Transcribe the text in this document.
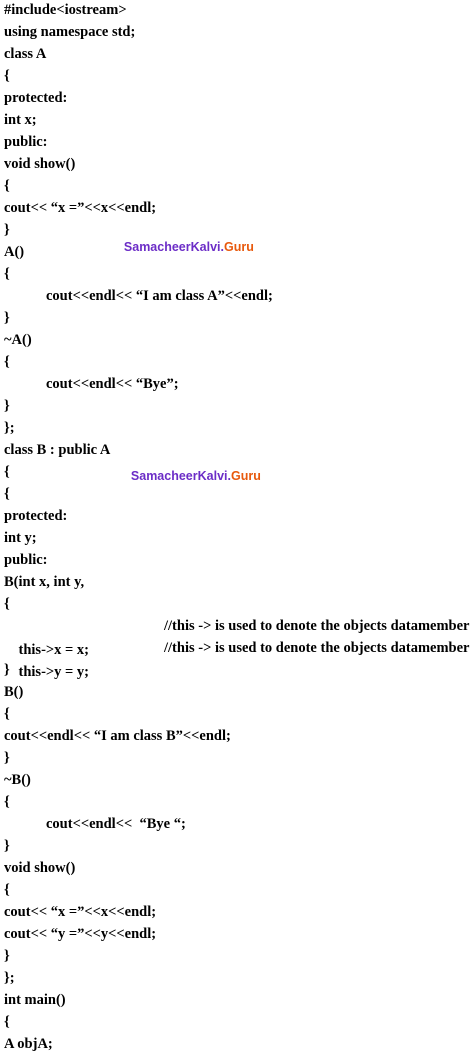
#include<iostream>
using namespace std;
class A
{
protected:
int x;
public:
void show()
{
cout<< “x =”<<x<<endl;
}
A()
{
cout<<endl<< “I am class A”<<endl;
}
~A()
{
cout<<endl<< “Bye”;
}
};
class B : public A
{
{
protected:
int y;
public:
B(int x, int y,
{

this->x = x;

//this -> is used to denote the objects datamember

this->y = y;

//this -> is used to denote the objects datamember

}
B()
{
cout<<endl<< “I am class B”<<endl;
}
~B()
{
cout<<endl<<  “Bye “;
}
void show()
{
cout<< “x =”<<x<<endl;
cout<< “y =”<<y<<endl;
}
};
int main()
{
A objA;

SamacheerKalvi.Guru

SamacheerKalvi.Guru
